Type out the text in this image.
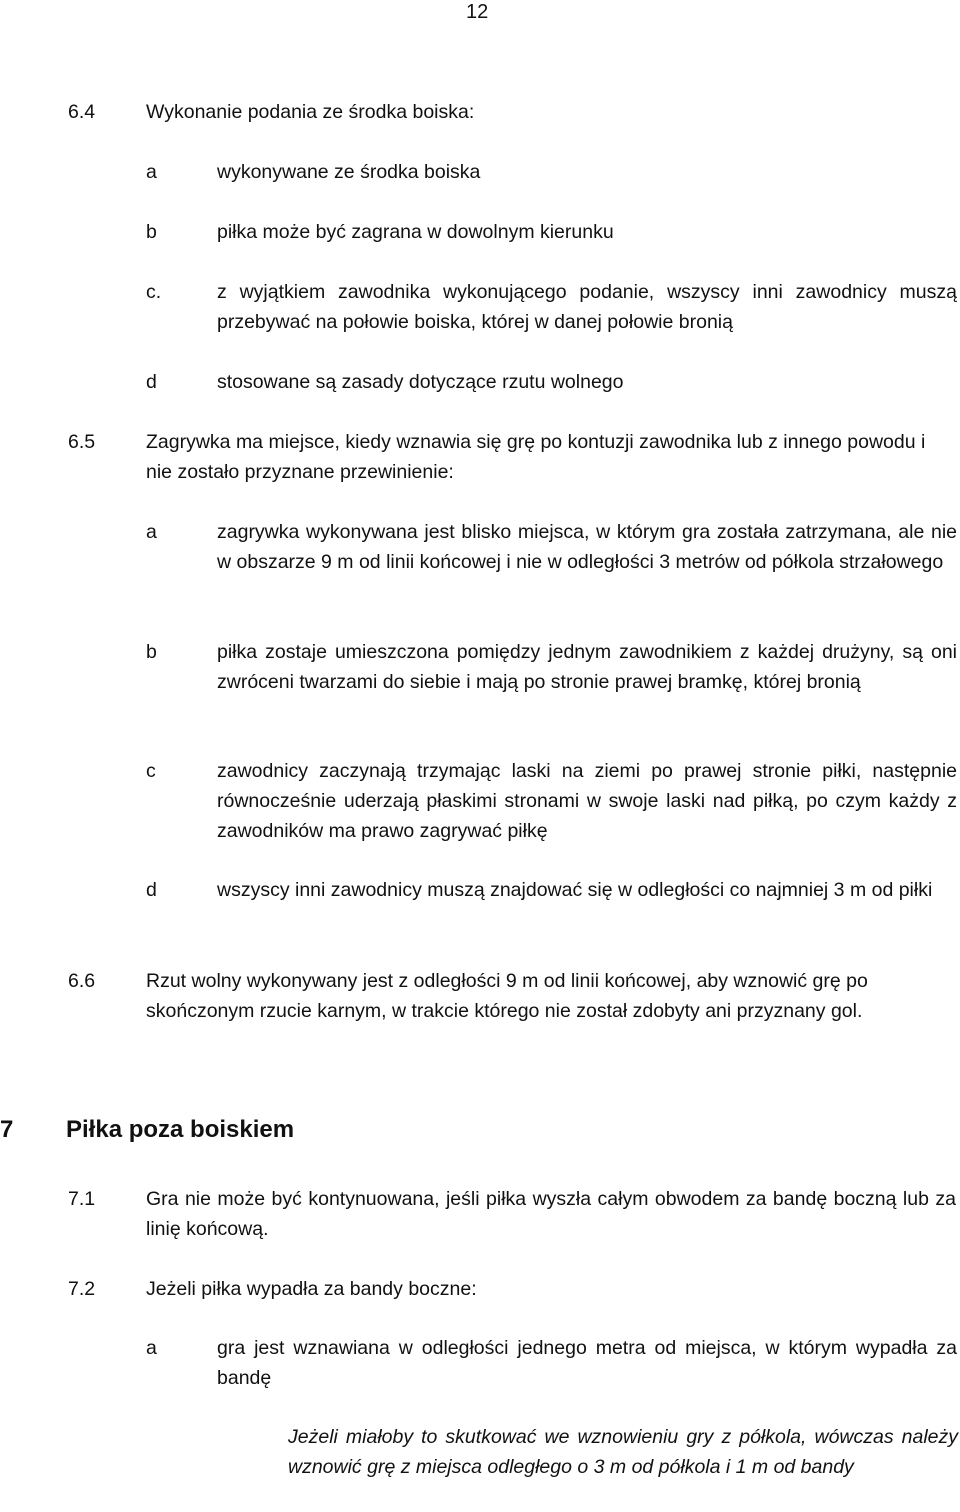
12
6.4	Wykonanie podania ze środka boiska:
a	wykonywane ze środka boiska
b	piłka może być zagrana w dowolnym kierunku
c.	z wyjątkiem zawodnika wykonującego podanie, wszyscy inni zawodnicy muszą przebywać na połowie boiska, której w danej połowie bronią
d	stosowane są zasady dotyczące rzutu wolnego
6.5	Zagrywka ma miejsce, kiedy wznawia się grę po kontuzji zawodnika lub z innego powodu i nie zostało przyznane przewinienie:
a	zagrywka wykonywana jest blisko miejsca, w którym gra została zatrzymana, ale nie w obszarze 9 m od linii końcowej i nie w odległości 3 metrów od półkola strzałowego
b	piłka zostaje umieszczona pomiędzy jednym zawodnikiem z każdej drużyny, są oni zwróceni twarzami do siebie i mają po stronie prawej bramkę, której bronią
c	zawodnicy zaczynają trzymając laski na ziemi po prawej stronie piłki, następnie równocześnie uderzają płaskimi stronami w swoje laski nad piłką, po czym każdy z zawodników ma prawo zagrywać piłkę
d	wszyscy inni zawodnicy muszą znajdować się w odległości co najmniej 3 m od piłki
6.6	Rzut wolny wykonywany jest z odległości 9 m od linii końcowej, aby wznowić grę po skończonym rzucie karnym, w trakcie którego nie został zdobyty ani przyznany gol.
7 Piłka poza boiskiem
7.1	Gra nie może być kontynuowana, jeśli piłka wyszła całym obwodem za bandę boczną lub za linię końcową.
7.2	Jeżeli piłka wypadła za bandy boczne:
a	gra jest wznawiana w odległości jednego metra od miejsca, w którym wypadła za bandę
Jeżeli miałoby to skutkować we wznowieniu gry z półkola, wówczas należy wznowić grę z miejsca odległego o 3 m od półkola i 1 m od bandy
